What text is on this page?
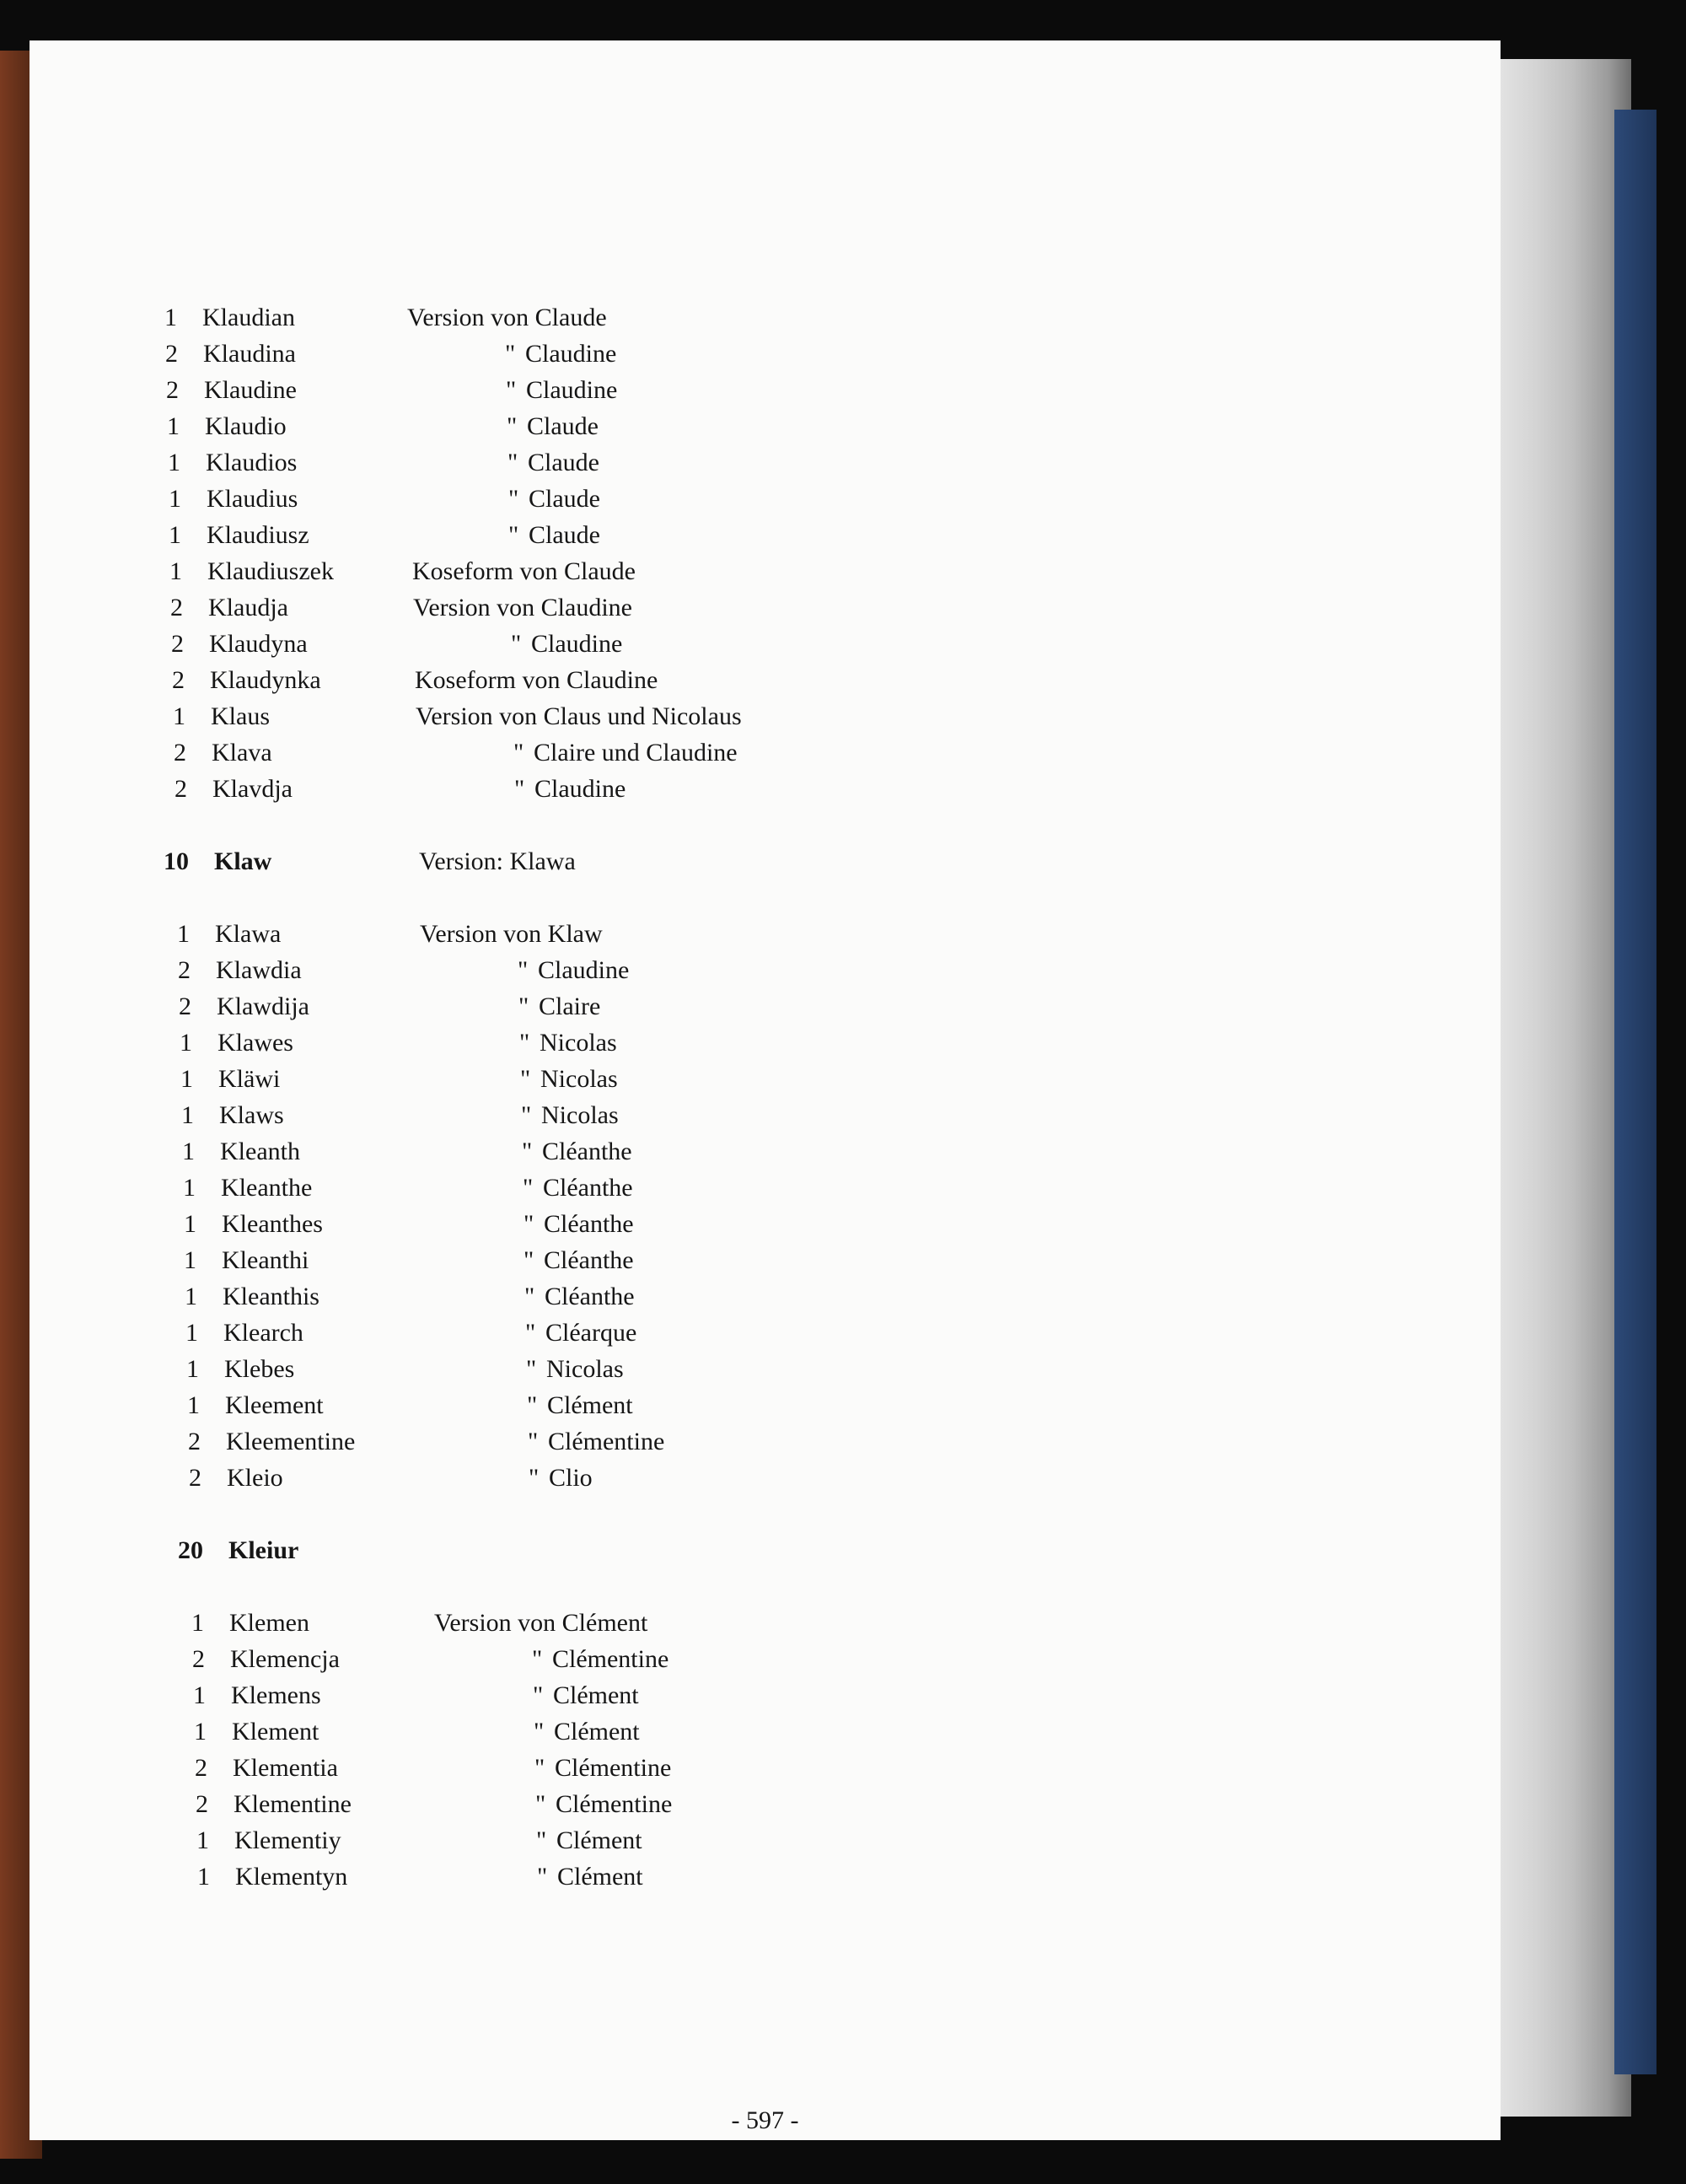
1 Klaudian	Version von Claude
2 Klaudina	" Claudine
2 Klaudine	" Claudine
1 Klaudio	" Claude
1 Klaudios	" Claude
1 Klaudius	" Claude
1 Klaudiusz	" Claude
1 Klaudiuszek	Koseform von Claude
2 Klaudja	Version von Claudine
2 Klaudyna	" Claudine
2 Klaudynka	Koseform von Claudine
1 Klaus	Version von Claus und Nicolaus
2 Klava	" Claire und Claudine
2 Klavdja	" Claudine
10 Klaw	Version: Klawa
1 Klawa	Version von Klaw
2 Klawdia	" Claudine
2 Klawdija	" Claire
1 Klawes	" Nicolas
1 Kläwi	" Nicolas
1 Klaws	" Nicolas
1 Kleanth	" Cléanthe
1 Kleanthe	" Cléanthe
1 Kleanthes	" Cléanthe
1 Kleanthi	" Cléanthe
1 Kleanthis	" Cléanthe
1 Klearch	" Cléarque
1 Klebes	" Nicolas
1 Kleement	" Clément
2 Kleementine	" Clémentine
2 Kleio	" Clio
20 Kleiur
1 Klemen	Version von Clément
2 Klemencja	" Clémentine
1 Klemens	" Clément
1 Klement	" Clément
2 Klementia	" Clémentine
2 Klementine	" Clémentine
1 Klementiy	" Clément
1 Klementyn	" Clément
- 597 -
